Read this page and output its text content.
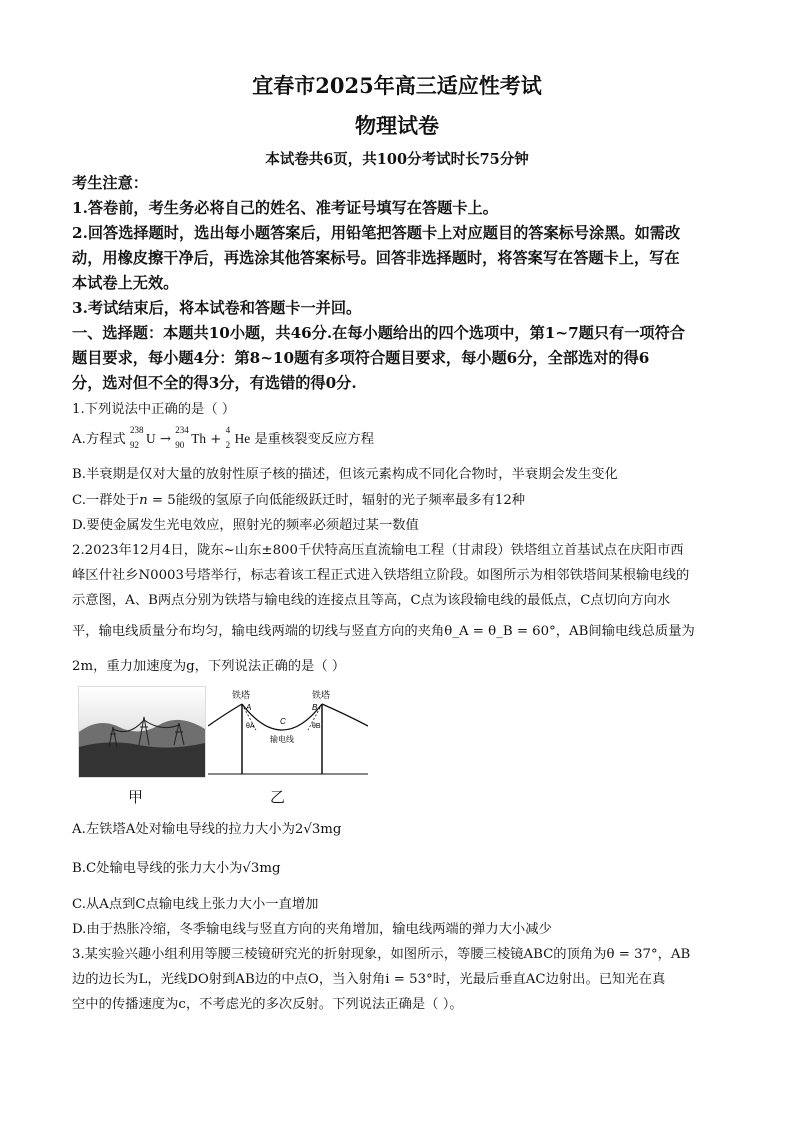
宜春市2025年高三适应性考试
物理试卷
本试卷共6页，共100分考试时长75分钟
考生注意：
1.答卷前，考生务必将自己的姓名、准考证号填写在答题卡上。
2.回答选择题时，选出每小题答案后，用铅笔把答题卡上对应题目的答案标号涂黑。如需改
动，用橡皮擦干净后，再选涂其他答案标号。回答非选择题时，将答案写在答题卡上，写在
本试卷上无效。
3.考试结束后，将本试卷和答题卡一并回。
一、选择题：本题共10小题，共46分.在每小题给出的四个选项中，第1~7题只有一项符合
题目要求，每小题4分：第8~10题有多项符合题目要求，每小题6分，全部选对的得6
分，选对但不全的得3分，有选错的得0分.
1.下列说法中正确的是（ ）
A.方程式
238
92 U →
234
90 Th +
4
2 He 是重核裂变反应方程
B.半衰期是仅对大量的放射性原子核的描述，但该元素构成不同化合物时，半衰期会发生变化
C.一群处于n = 5能级的氢原子向低能级跃迁时，辐射的光子频率最多有12种
D.要使金属发生光电效应，照射光的频率必须超过某一数值
2.2023年12月4日，陇东~山东±800千伏特高压直流输电工程（甘肃段）铁塔组立首基试点在庆阳市西
峰区什社乡N0003号塔举行，标志着该工程正式进入铁塔组立阶段。如图所示为相邻铁塔间某根输电线的
示意图，A、B两点分别为铁塔与输电线的连接点且等高，C点为该段输电线的最低点，C点切向方向水
平，输电线质量分布均匀，输电线两端的切线与竖直方向的夹角θ_A = θ_B = 60°，AB间输电线总质量为
2m，重力加速度为g，下列说法正确的是（ ）
铁塔	铁塔
A	B
C
θA	θB
输电线
甲	乙
A.左铁塔A处对输电导线的拉力大小为2√3mg
B.C处输电导线的张力大小为√3mg
C.从A点到C点输电线上张力大小一直增加
D.由于热胀冷缩，冬季输电线与竖直方向的夹角增加，输电线两端的弹力大小减少
3.某实验兴趣小组利用等腰三棱镜研究光的折射现象，如图所示，等腰三棱镜ABC的顶角为θ = 37°，AB
边的边长为L，光线DO射到AB边的中点O，当入射角i = 53°时，光最后垂直AC边射出。已知光在真
空中的传播速度为c，不考虑光的多次反射。下列说法正确是（ ）。
